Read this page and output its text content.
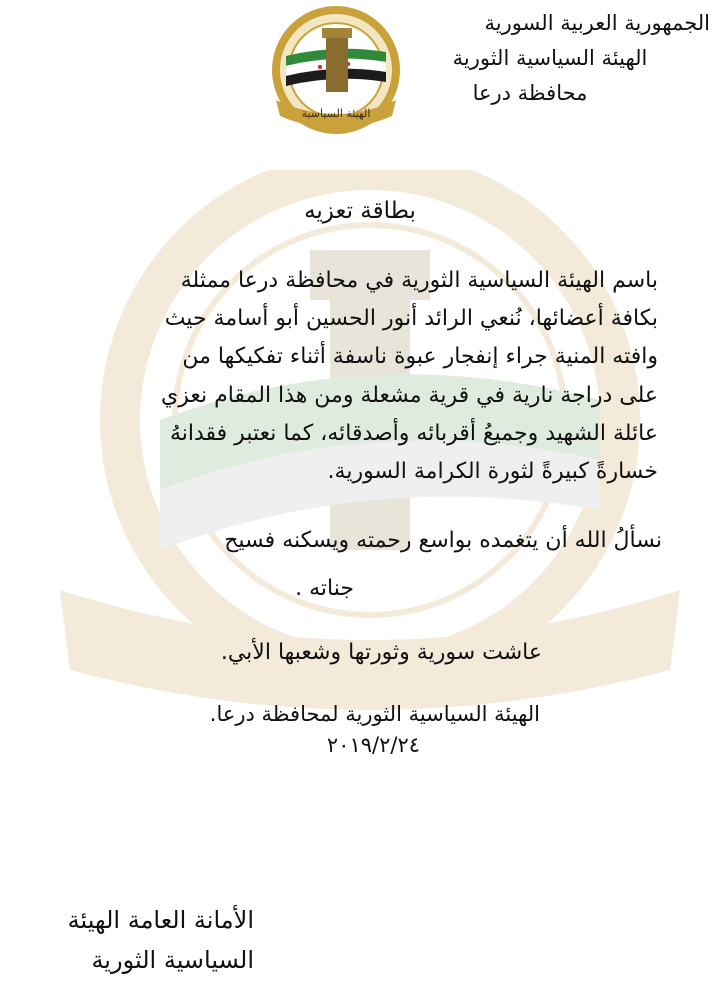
الجمهورية العربية السورية
الهيئة السياسية الثورية
محافظة درعا
الهيئة السياسية
بطاقة تعزيه
باسم الهيئة السياسية الثورية في محافظة درعا ممثلة
بكافة أعضائها، نُنعي الرائد أنور الحسين أبو أسامة حيث
وافته المنية جراء إنفجار عبوة ناسفة أثناء تفكيكها من
على دراجة نارية في قرية مشعلة ومن هذا المقام نعزي
عائلة الشهيد وجميعُ أقربائه وأصدقائه، كما نعتبر فقدانهُ
خسارةً كبيرةً لثورة الكرامة السورية.
نسألُ الله أن يتغمده بواسع رحمته ويسكنه فسيح
جناته .
عاشت سورية وثورتها وشعبها الأبي.
الهيئة السياسية الثورية لمحافظة درعا.
٢٠١٩/٢/٢٤
الأمانة العامة الهيئة
السياسية الثورية
